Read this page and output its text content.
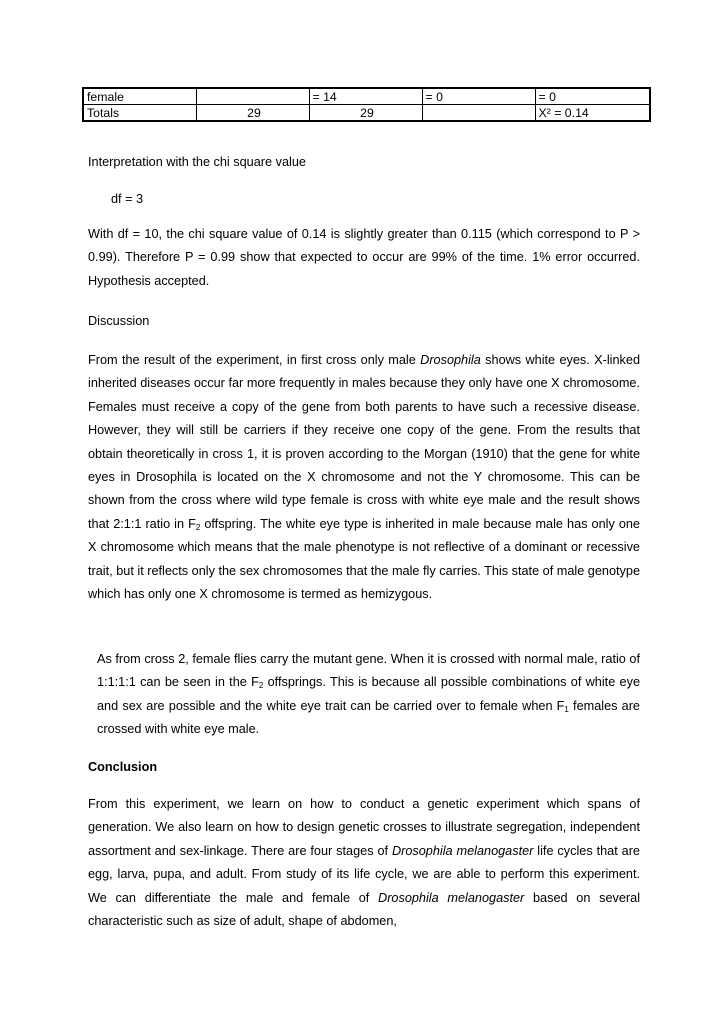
female		= 14	= 0	= 0
Totals	29	29		X² = 0.14
Interpretation with the chi square value
df = 3
With df = 10, the chi square value of 0.14 is slightly greater than 0.115 (which correspond to P > 0.99). Therefore P = 0.99 show that expected to occur are 99% of the time. 1% error occurred. Hypothesis accepted.
Discussion
From the result of the experiment, in first cross only male Drosophila shows white eyes. X-linked inherited diseases occur far more frequently in males because they only have one X chromosome. Females must receive a copy of the gene from both parents to have such a recessive disease. However, they will still be carriers if they receive one copy of the gene. From the results that obtain theoretically in cross 1, it is proven according to the Morgan (1910) that the gene for white eyes in Drosophila is located on the X chromosome and not the Y chromosome. This can be shown from the cross where wild type female is cross with white eye male and the result shows that 2:1:1 ratio in $F_2$ offspring. The white eye type is inherited in male because male has only one X chromosome which means that the male phenotype is not reflective of a dominant or recessive trait, but it reflects only the sex chromosomes that the male fly carries. This state of male genotype which has only one X chromosome is termed as hemizygous.
As from cross 2, female flies carry the mutant gene. When it is crossed with normal male, ratio of 1:1:1:1 can be seen in the $F_2$ offsprings. This is because all possible combinations of white eye and sex are possible and the white eye trait can be carried over to female when $F_1$ females are crossed with white eye male.
Conclusion
From this experiment, we learn on how to conduct a genetic experiment which spans of generation. We also learn on how to design genetic crosses to illustrate segregation, independent assortment and sex-linkage. There are four stages of Drosophila melanogaster life cycles that are egg, larva, pupa, and adult. From study of its life cycle, we are able to perform this experiment. We can differentiate the male and female of Drosophila melanogaster based on several characteristic such as size of adult, shape of abdomen,
